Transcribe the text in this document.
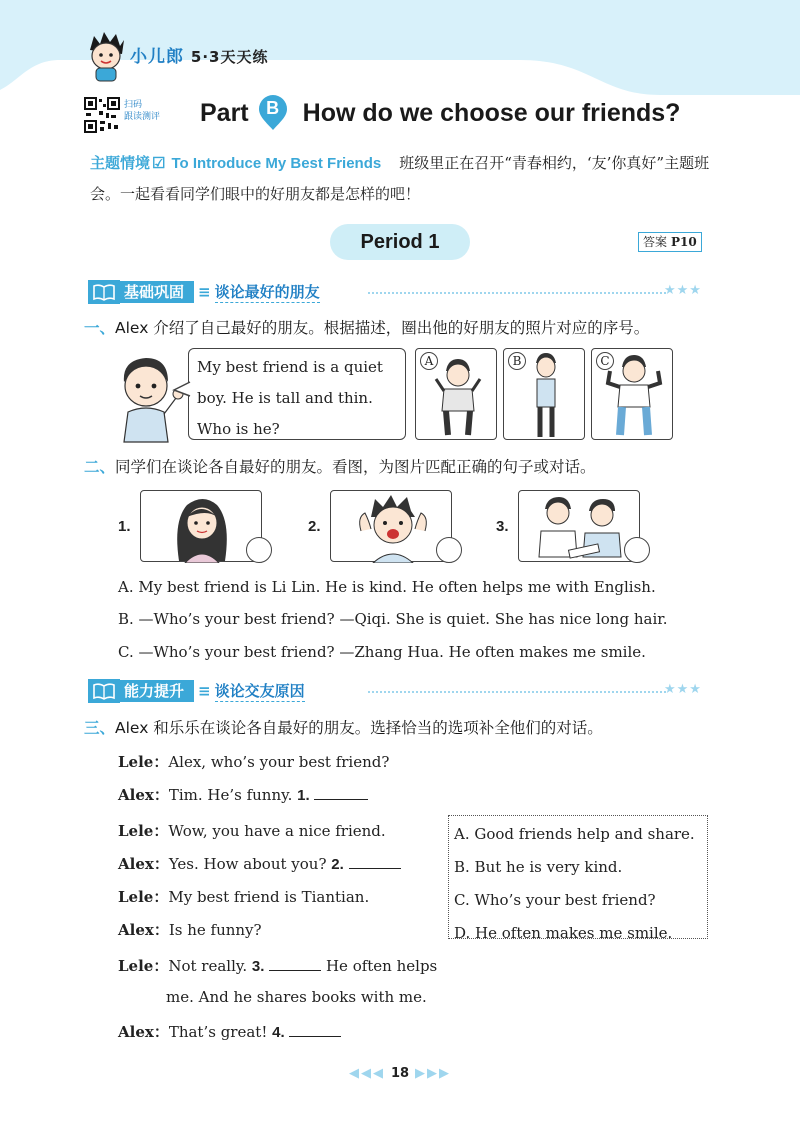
小儿郎 5·3天天练
扫码
跟读测评 Part B How do we choose our friends?
主题情境 ☑ To Introduce My Best Friends 班级里正在召开“青春相约，‘友’你真好”主题班会。一起看看同学们眼中的好朋友都是怎样的吧！
Period 1	答案 P10
基础巩固 ≡ 谈论最好的朋友	★★★
一、Alex 介绍了自己最好的朋友。根据描述，圈出他的好朋友的照片对应的序号。
My best friend is a quiet
boy. He is tall and thin.
Who is he?
A	B	C
二、同学们在谈论各自最好的朋友。看图，为图片匹配正确的句子或对话。
1.	2.	3.
A. My best friend is Li Lin. He is kind. He often helps me with English.
B. —Who’s your best friend? —Qiqi. She is quiet. She has nice long hair.
C. —Who’s your best friend? —Zhang Hua. He often makes me smile.
能力提升 ≡ 谈论交友原因	★★★
三、Alex 和乐乐在谈论各自最好的朋友。选择恰当的选项补全他们的对话。
Lele：Alex, who’s your best friend?
Alex：Tim. He’s funny. 1.
Lele：Wow, you have a nice friend.
Alex：Yes. How about you? 2.
Lele：My best friend is Tiantian.
Alex：Is he funny?
Lele：Not really. 3.	He often helps
me. And he shares books with me.
Alex：That’s great! 4.
A. Good friends help and share.
B. But he is very kind.
C. Who’s your best friend?
D. He often makes me smile.
◀◀◀ 18 ▶▶▶
